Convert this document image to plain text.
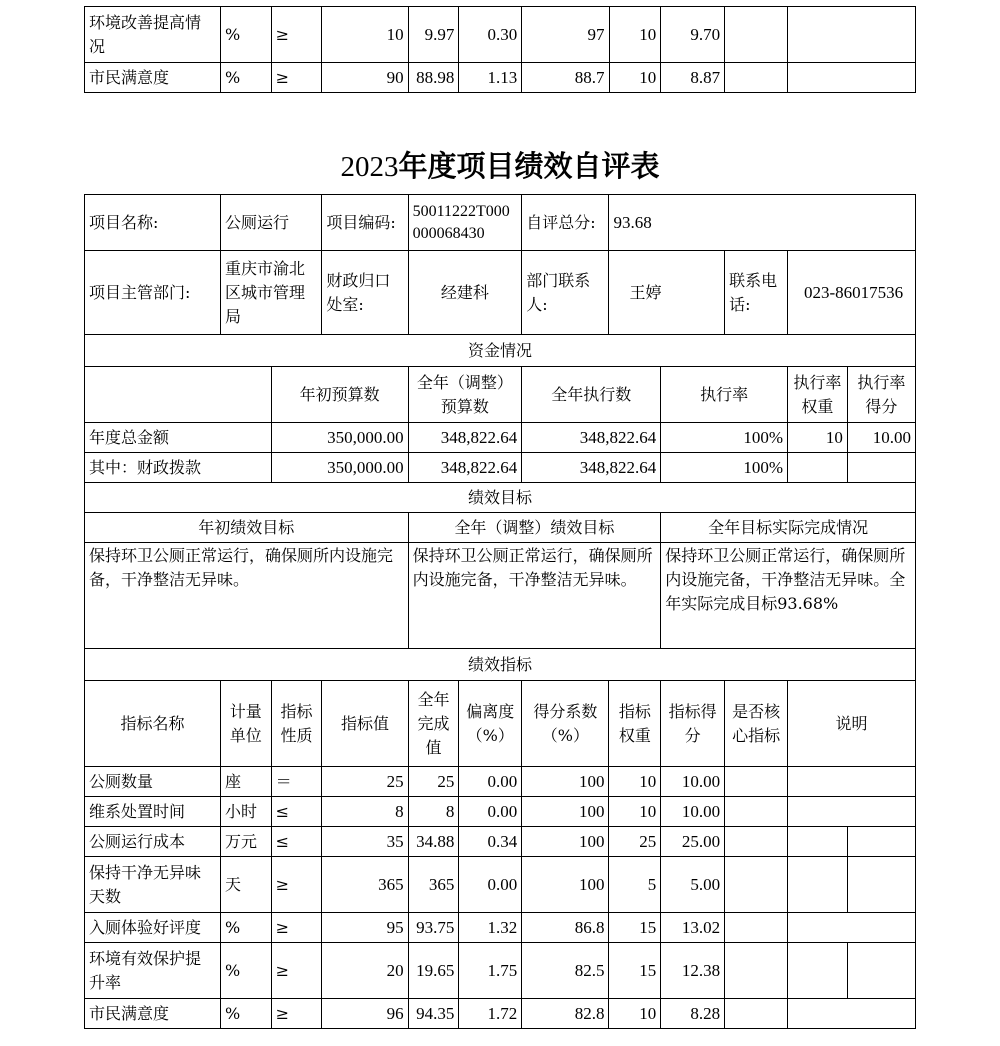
环境改善提高情况	%	≥	10	9.97	0.30	97	10	9.70		
市民满意度	%	≥	90	88.98	1.13	88.7	10	8.87		
2023年度项目绩效自评表
项目名称:	公厕运行		项目编码:	50011222T000000068430		自评总分:	93.68				
项目主管部门:	重庆市渝北区城市管理局		财政归口处室:	经建科		部门联系人:	王婷		联系电话:	023-86017536	
资金情况											
		年初预算数		全年（调整）预算数		全年执行数		执行率		执行率权重	执行率得分
年度总金额		350,000.00		348,822.64		348,822.64		100%		10	10.00
其中：财政拨款		350,000.00		348,822.64		348,822.64		100%			
绩效目标											
年初绩效目标				全年（调整）绩效目标				全年目标实际完成情况			
保持环卫公厕正常运行，确保厕所内设施完备，干净整洁无异味。				保持环卫公厕正常运行，确保厕所内设施完备，干净整洁无异味。				保持环卫公厕正常运行，确保厕所内设施完备，干净整洁无异味。全年实际完成目标93.68%			
绩效指标											
指标名称	计量单位	指标性质	指标值	全年完成值	偏离度（%）	得分系数（%）	指标权重	指标得分	是否核心指标	说明	
公厕数量	座	＝	25	25	0.00	100	10	10.00			
维系处置时间	小时	≤	8	8	0.00	100	10	10.00			
公厕运行成本	万元	≤	35	34.88	0.34	100	25	25.00			
保持干净无异味天数	天	≥	365	365	0.00	100	5	5.00			
入厕体验好评度	%	≥	95	93.75	1.32	86.8	15	13.02			
环境有效保护提升率	%	≥	20	19.65	1.75	82.5	15	12.38			
市民满意度	%	≥	96	94.35	1.72	82.8	10	8.28			
